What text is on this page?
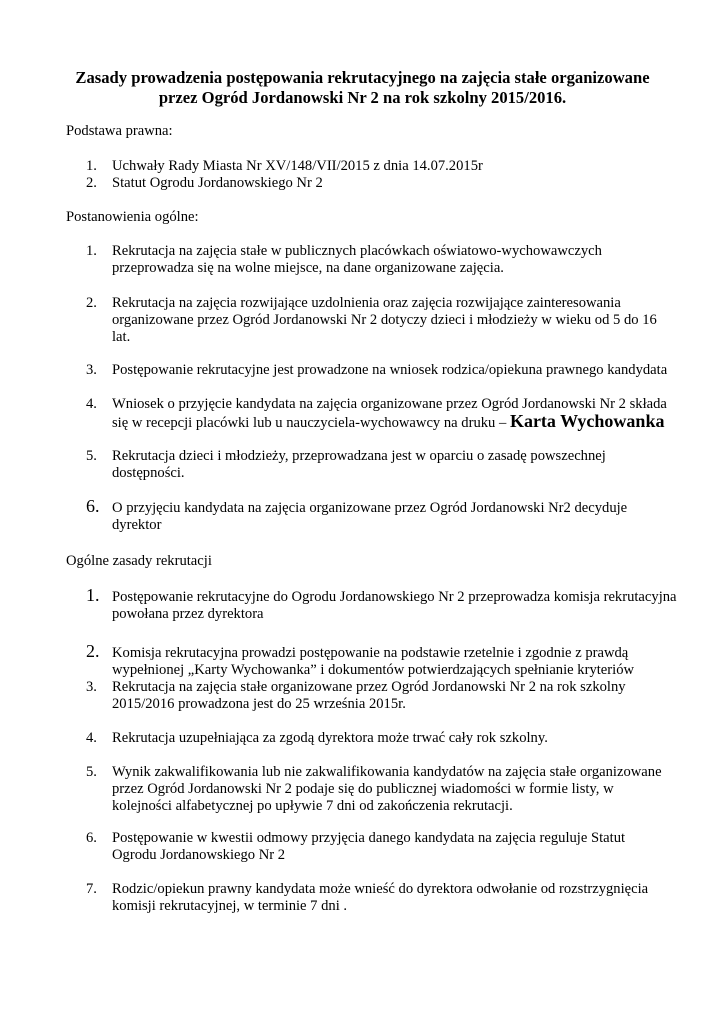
Zasady prowadzenia postępowania rekrutacyjnego na zajęcia stałe organizowane
przez Ogród Jordanowski Nr 2 na rok szkolny 2015/2016.
Podstawa prawna:
1.	Uchwały Rady Miasta Nr XV/148/VII/2015 z dnia 14.07.2015r
2.	Statut Ogrodu Jordanowskiego Nr 2
Postanowienia ogólne:
1.	Rekrutacja na zajęcia stałe w publicznych placówkach oświatowo-wychowawczych
przeprowadza się na wolne miejsce, na dane organizowane zajęcia.
2.	Rekrutacja na zajęcia rozwijające uzdolnienia oraz zajęcia rozwijające zainteresowania
organizowane przez Ogród Jordanowski Nr 2 dotyczy dzieci i młodzieży w wieku od 5 do 16
lat.
3.	Postępowanie rekrutacyjne jest prowadzone na wniosek rodzica/opiekuna prawnego kandydata
4.	Wniosek o przyjęcie kandydata na zajęcia organizowane przez Ogród Jordanowski Nr 2 składa
się w recepcji placówki lub u nauczyciela-wychowawcy na druku – Karta Wychowanka
5.	Rekrutacja dzieci i młodzieży, przeprowadzana jest w oparciu o zasadę powszechnej
dostępności.
6. O przyjęciu kandydata na zajęcia organizowane przez Ogród Jordanowski Nr2 decyduje
dyrektor
Ogólne zasady rekrutacji
1. Postępowanie rekrutacyjne do Ogrodu Jordanowskiego Nr 2 przeprowadza komisja rekrutacyjna
powołana przez dyrektora
2. Komisja rekrutacyjna prowadzi postępowanie na podstawie rzetelnie i zgodnie z prawdą
wypełnionej „Karty Wychowanka” i dokumentów potwierdzających spełnianie kryteriów
3.	Rekrutacja na zajęcia stałe organizowane przez Ogród Jordanowski Nr 2 na rok szkolny
2015/2016 prowadzona jest do 25 września 2015r.
4.	Rekrutacja uzupełniająca za zgodą dyrektora może trwać cały rok szkolny.
5.	Wynik zakwalifikowania lub nie zakwalifikowania kandydatów na zajęcia stałe organizowane
przez Ogród Jordanowski Nr 2 podaje się do publicznej wiadomości w formie listy, w
kolejności alfabetycznej po upływie 7 dni od zakończenia rekrutacji.
6.	Postępowanie w kwestii odmowy przyjęcia danego kandydata na zajęcia reguluje Statut
Ogrodu Jordanowskiego Nr 2
7.	Rodzic/opiekun prawny kandydata może wnieść do dyrektora odwołanie od rozstrzygnięcia
komisji rekrutacyjnej, w terminie 7 dni .
